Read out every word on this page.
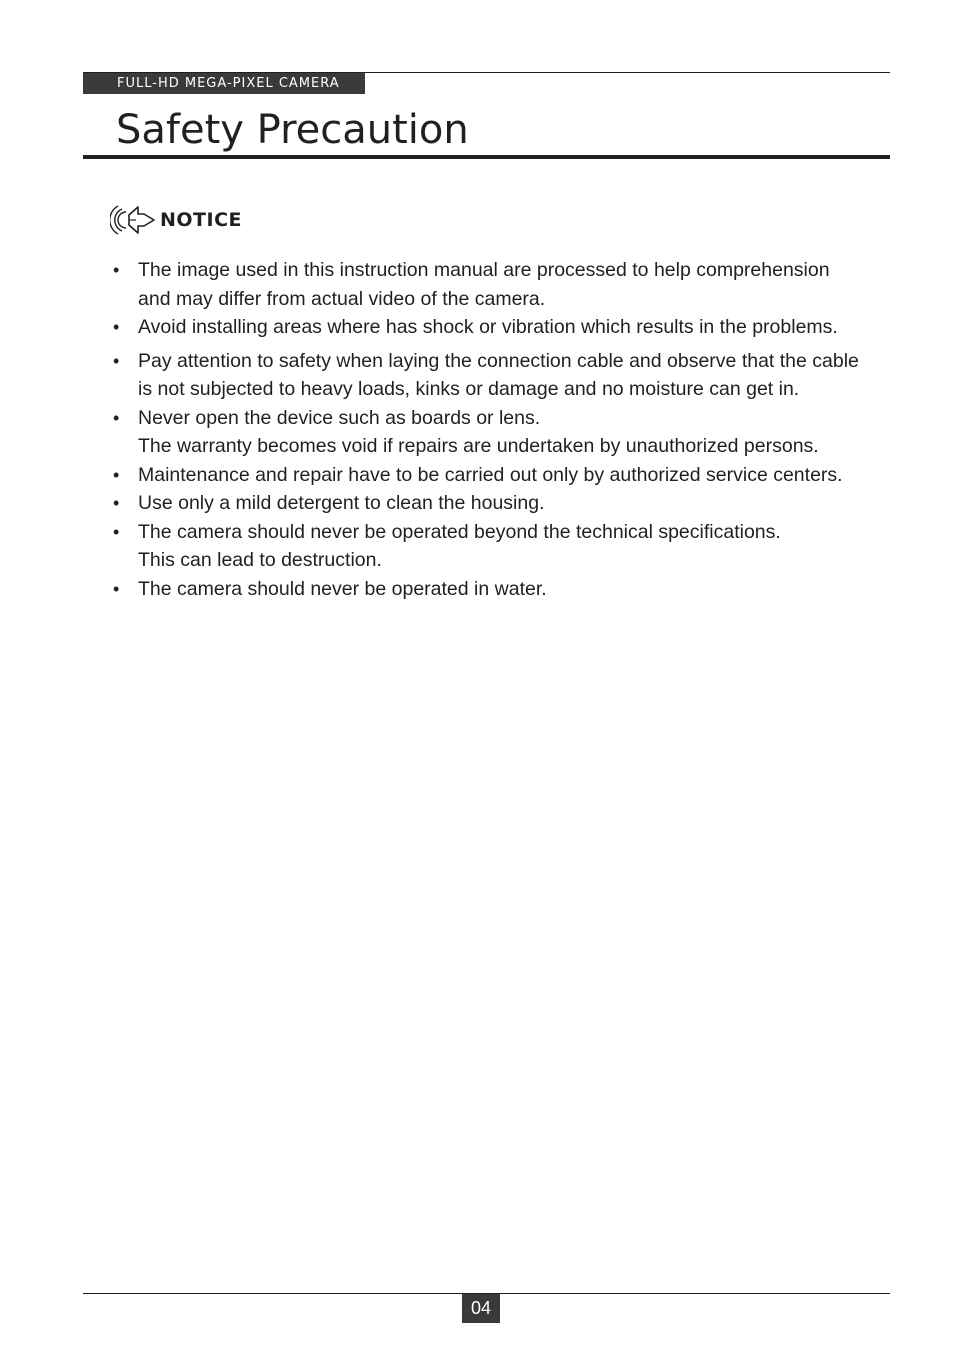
FULL-HD MEGA-PIXEL CAMERA
Safety Precaution
NOTICE
• The image used in this instruction manual are processed to help comprehension
and may differ from actual video of the camera.
• Avoid installing areas where has shock or vibration which results in the problems.
• Pay attention to safety when laying the connection cable and observe that the cable
is not subjected to heavy loads, kinks or damage and no moisture can get in.
• Never open the device such as boards or lens.
The warranty becomes void if repairs are undertaken by unauthorized persons.
• Maintenance and repair have to be carried out only by authorized service centers.
• Use only a mild detergent to clean the housing.
• The camera should never be operated beyond the technical specifications.
This can lead to destruction.
• The camera should never be operated in water.
04
